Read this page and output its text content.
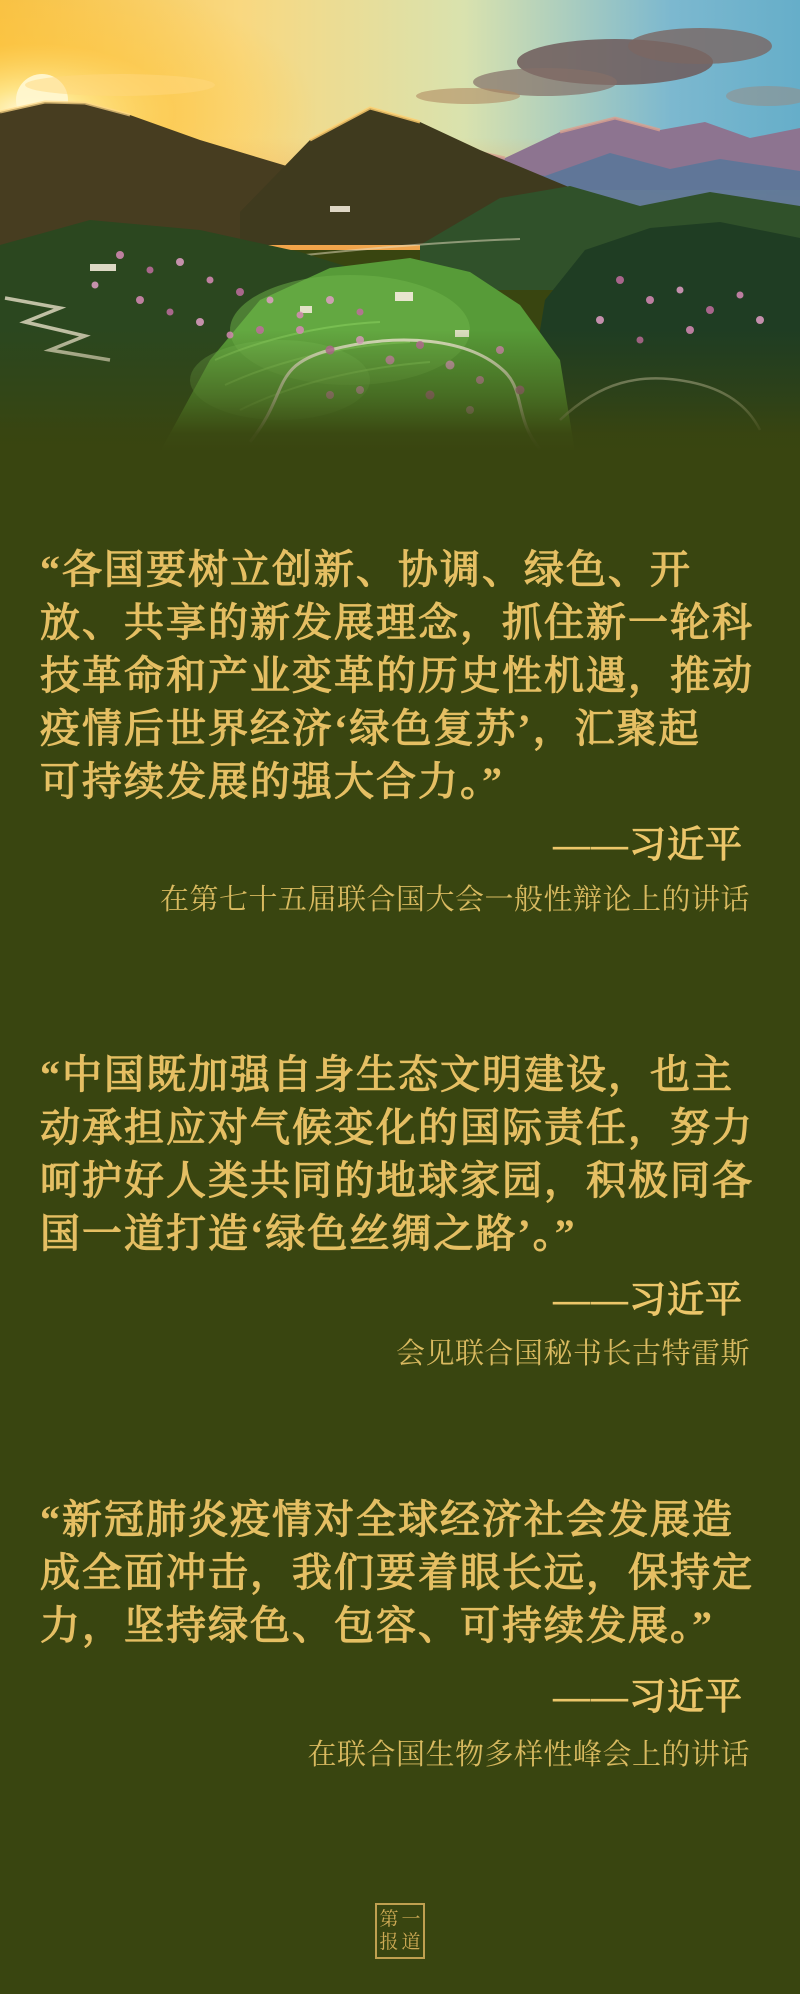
“各国要树立创新、协调、绿色、开
放、共享的新发展理念，抓住新一轮科
技革命和产业变革的历史性机遇，推动
疫情后世界经济‘绿色复苏’，汇聚起
可持续发展的强大合力。”
——习近平
在第七十五届联合国大会一般性辩论上的讲话
“中国既加强自身生态文明建设，也主
动承担应对气候变化的国际责任，努力
呵护好人类共同的地球家园，积极同各
国一道打造‘绿色丝绸之路’。”
——习近平
会见联合国秘书长古特雷斯
“新冠肺炎疫情对全球经济社会发展造
成全面冲击，我们要着眼长远，保持定
力，坚持绿色、包容、可持续发展。”
——习近平
在联合国生物多样性峰会上的讲话
第一
报道
